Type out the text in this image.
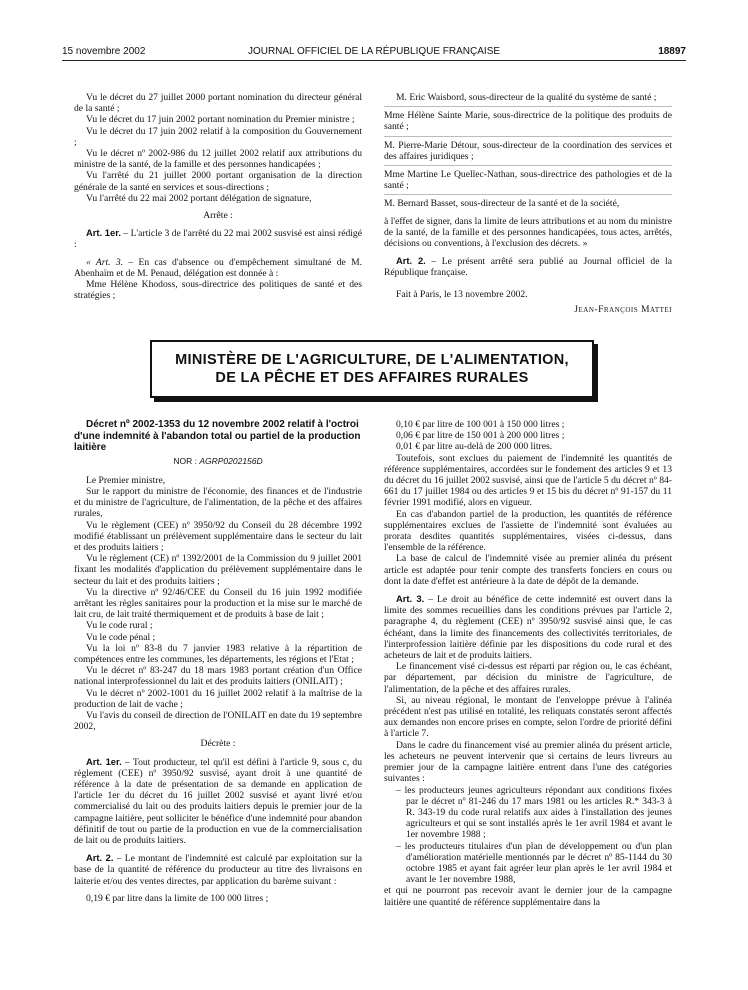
15 novembre 2002	JOURNAL OFFICIEL DE LA RÉPUBLIQUE FRANÇAISE	18897

Vu le décret du 27 juillet 2000 portant nomination du directeur général de la santé ;

Vu le décret du 17 juin 2002 portant nomination du Premier ministre ;

Vu le décret du 17 juin 2002 relatif à la composition du Gouvernement ;

Vu le décret nº 2002-986 du 12 juillet 2002 relatif aux attributions du ministre de la santé, de la famille et des personnes handicapées ;

Vu l'arrêté du 21 juillet 2000 portant organisation de la direction générale de la santé en services et sous-directions ;

Vu l'arrêté du 22 mai 2002 portant délégation de signature,

Arrête :

Art. 1er. – L'article 3 de l'arrêté du 22 mai 2002 susvisé est ainsi rédigé :

« Art. 3. – En cas d'absence ou d'empêchement simultané de M. Abenhaïm et de M. Penaud, délégation est donnée à :

Mme Hélène Khodoss, sous-directrice des politiques de santé et des stratégies ;

M. Eric Waisbord, sous-directeur de la qualité du système de santé ;

Mme Hélène Sainte Marie, sous-directrice de la politique des produits de santé ;

M. Pierre-Marie Détour, sous-directeur de la coordination des services et des affaires juridiques ;

Mme Martine Le Quellec-Nathan, sous-directrice des pathologies et de la santé ;

M. Bernard Basset, sous-directeur de la santé et de la société,

à l'effet de signer, dans la limite de leurs attributions et au nom du ministre de la santé, de la famille et des personnes handicapées, tous actes, arrêtés, décisions ou conventions, à l'exclusion des décrets. »

Art. 2. – Le présent arrêté sera publié au Journal officiel de la République française.

Fait à Paris, le 13 novembre 2002.

Jean-François Mattei

MINISTÈRE DE L'AGRICULTURE, DE L'ALIMENTATION,
DE LA PÊCHE ET DES AFFAIRES RURALES

Décret nº 2002-1353 du 12 novembre 2002 relatif à l'octroi d'une indemnité à l'abandon total ou partiel de la production laitière

NOR : AGRP0202156D

Le Premier ministre,

Sur le rapport du ministre de l'économie, des finances et de l'industrie et du ministre de l'agriculture, de l'alimentation, de la pêche et des affaires rurales,

Vu le règlement (CEE) nº 3950/92 du Conseil du 28 décembre 1992 modifié établissant un prélèvement supplémentaire dans le secteur du lait et des produits laitiers ;

Vu le règlement (CE) nº 1392/2001 de la Commission du 9 juillet 2001 fixant les modalités d'application du prélèvement supplémentaire dans le secteur du lait et des produits laitiers ;

Vu la directive nº 92/46/CEE du Conseil du 16 juin 1992 modifiée arrêtant les règles sanitaires pour la production et la mise sur le marché de lait cru, de lait traité thermiquement et de produits à base de lait ;

Vu le code rural ;

Vu le code pénal ;

Vu la loi nº 83-8 du 7 janvier 1983 relative à la répartition de compétences entre les communes, les départements, les régions et l'Etat ;

Vu le décret nº 83-247 du 18 mars 1983 portant création d'un Office national interprofessionnel du lait et des produits laitiers (ONILAIT) ;

Vu le décret nº 2002-1001 du 16 juillet 2002 relatif à la maîtrise de la production de lait de vache ;

Vu l'avis du conseil de direction de l'ONILAIT en date du 19 septembre 2002,

Décrète :

Art. 1er. – Tout producteur, tel qu'il est défini à l'article 9, sous c, du règlement (CEE) nº 3950/92 susvisé, ayant droit à une quantité de référence à la date de présentation de sa demande en application de l'article 1er du décret du 16 juillet 2002 susvisé et ayant livré et/ou commercialisé du lait ou des produits laitiers depuis le premier jour de la campagne laitière, peut solliciter le bénéfice d'une indemnité pour abandon définitif de tout ou partie de la production en vue de la commercialisation de lait ou de produits laitiers.

Art. 2. – Le montant de l'indemnité est calculé par exploitation sur la base de la quantité de référence du producteur au titre des livraisons en laiterie et/ou des ventes directes, par application du barème suivant :

0,19 € par litre dans la limite de 100 000 litres ;

0,10 € par litre de 100 001 à 150 000 litres ;

0,06 € par litre de 150 001 à 200 000 litres ;

0,01 € par litre au-delà de 200 000 litres.

Toutefois, sont exclues du paiement de l'indemnité les quantités de référence supplémentaires, accordées sur le fondement des articles 9 et 13 du décret du 16 juillet 2002 susvisé, ainsi que de l'article 5 du décret nº 84-661 du 17 juillet 1984 ou des articles 9 et 15 bis du décret nº 91-157 du 11 février 1991 modifié, alors en vigueur.

En cas d'abandon partiel de la production, les quantités de référence supplémentaires exclues de l'assiette de l'indemnité sont évaluées au prorata desdites quantités supplémentaires, visées ci-dessus, dans l'ensemble de la référence.

La base de calcul de l'indemnité visée au premier alinéa du présent article est adaptée pour tenir compte des transferts fonciers en cours ou dont la date d'effet est antérieure à la date de dépôt de la demande.

Art. 3. – Le droit au bénéfice de cette indemnité est ouvert dans la limite des sommes recueillies dans les conditions prévues par l'article 2, paragraphe 4, du règlement (CEE) nº 3950/92 susvisé ainsi que, le cas échéant, dans la limite des financements des collectivités territoriales, de l'interprofession laitière définie par les dispositions du code rural et des acheteurs de lait et de produits laitiers.

Le financement visé ci-dessus est réparti par région ou, le cas échéant, par département, par décision du ministre de l'agriculture, de l'alimentation, de la pêche et des affaires rurales.

Si, au niveau régional, le montant de l'enveloppe prévue à l'alinéa précédent n'est pas utilisé en totalité, les reliquats constatés seront affectés aux demandes non encore prises en compte, selon l'ordre de priorité défini à l'article 7.

Dans le cadre du financement visé au premier alinéa du présent article, les acheteurs ne peuvent intervenir que si certains de leurs livreurs au premier jour de la campagne laitière entrent dans l'une des catégories suivantes :

– les producteurs jeunes agriculteurs répondant aux conditions fixées par le décret nº 81-246 du 17 mars 1981 ou les articles R.* 343-3 à R. 343-19 du code rural relatifs aux aides à l'installation des jeunes agriculteurs et qui se sont installés après le 1er avril 1984 et avant le 1er novembre 1988 ;
– les producteurs titulaires d'un plan de développement ou d'un plan d'amélioration matérielle mentionnés par le décret nº 85-1144 du 30 octobre 1985 et ayant fait agréer leur plan après le 1er avril 1984 et avant le 1er novembre 1988,

et qui ne pourront pas recevoir avant le dernier jour de la campagne laitière une quantité de référence supplémentaire dans la
